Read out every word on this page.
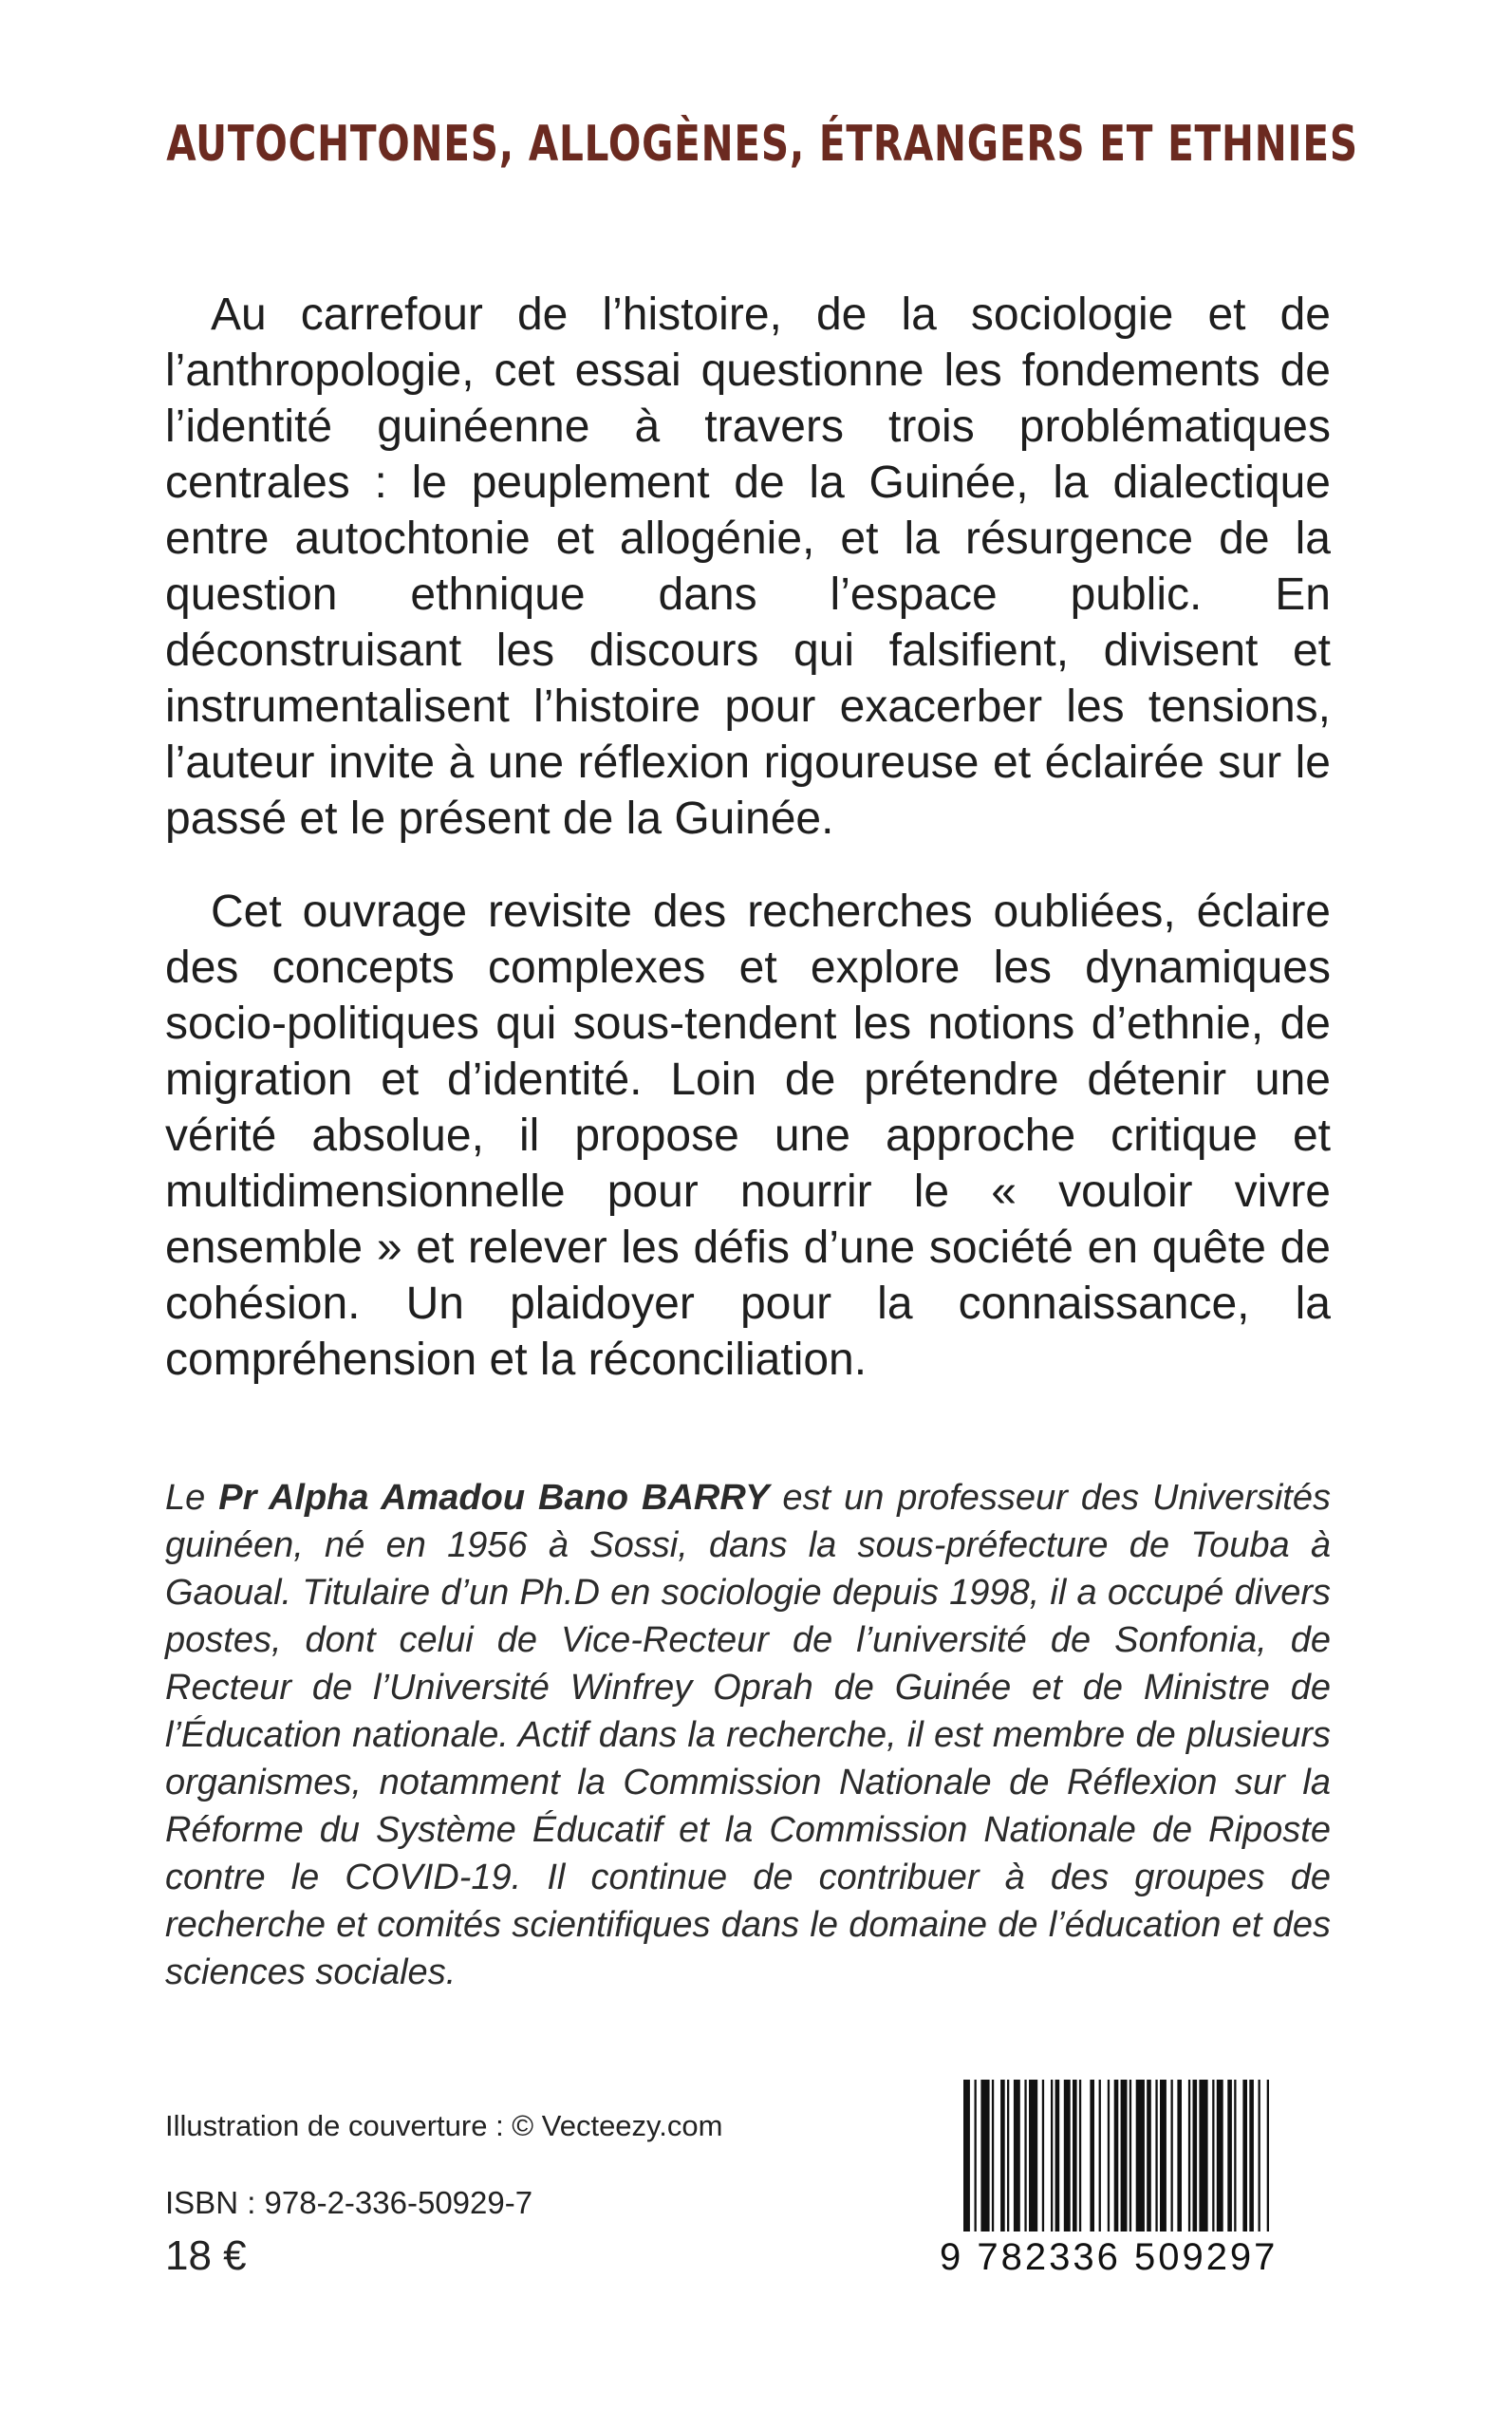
AUTOCHTONES, ALLOGÈNES, ÉTRANGERS ET ETHNIES

Au carrefour de l’histoire, de la sociologie et de l’anthropologie, cet essai questionne les fondements de l’identité guinéenne à travers trois problématiques centrales : le peuplement de la Guinée, la dialectique entre autochtonie et allogénie, et la résurgence de la question ethnique dans l’espace public. En déconstruisant les discours qui falsifient, divisent et instrumentalisent l’histoire pour exacerber les tensions, l’auteur invite à une réflexion rigoureuse et éclairée sur le passé et le présent de la Guinée.

Cet ouvrage revisite des recherches oubliées, éclaire des concepts complexes et explore les dynamiques socio-politiques qui sous-tendent les notions d’ethnie, de migration et d’identité. Loin de prétendre détenir une vérité absolue, il propose une approche critique et multidimensionnelle pour nourrir le « vouloir vivre ensemble » et relever les défis d’une société en quête de cohésion. Un plaidoyer pour la connaissance, la compréhension et la réconciliation.

Le Pr Alpha Amadou Bano BARRY est un professeur des Universités guinéen, né en 1956 à Sossi, dans la sous-préfecture de Touba à Gaoual. Titulaire d’un Ph.D en sociologie depuis 1998, il a occupé divers postes, dont celui de Vice-Recteur de l’université de Sonfonia, de Recteur de l’Université Winfrey Oprah de Guinée et de Ministre de l’Éducation nationale. Actif dans la recherche, il est membre de plusieurs organismes, notamment la Commission Nationale de Réflexion sur la Réforme du Système Éducatif et la Commission Nationale de Riposte contre le COVID-19. Il continue de contribuer à des groupes de recherche et comités scientifiques dans le domaine de l’éducation et des sciences sociales.

Illustration de couverture : © Vecteezy.com
ISBN : 978-2-336-50929-7
18 €	9 782336 509297
